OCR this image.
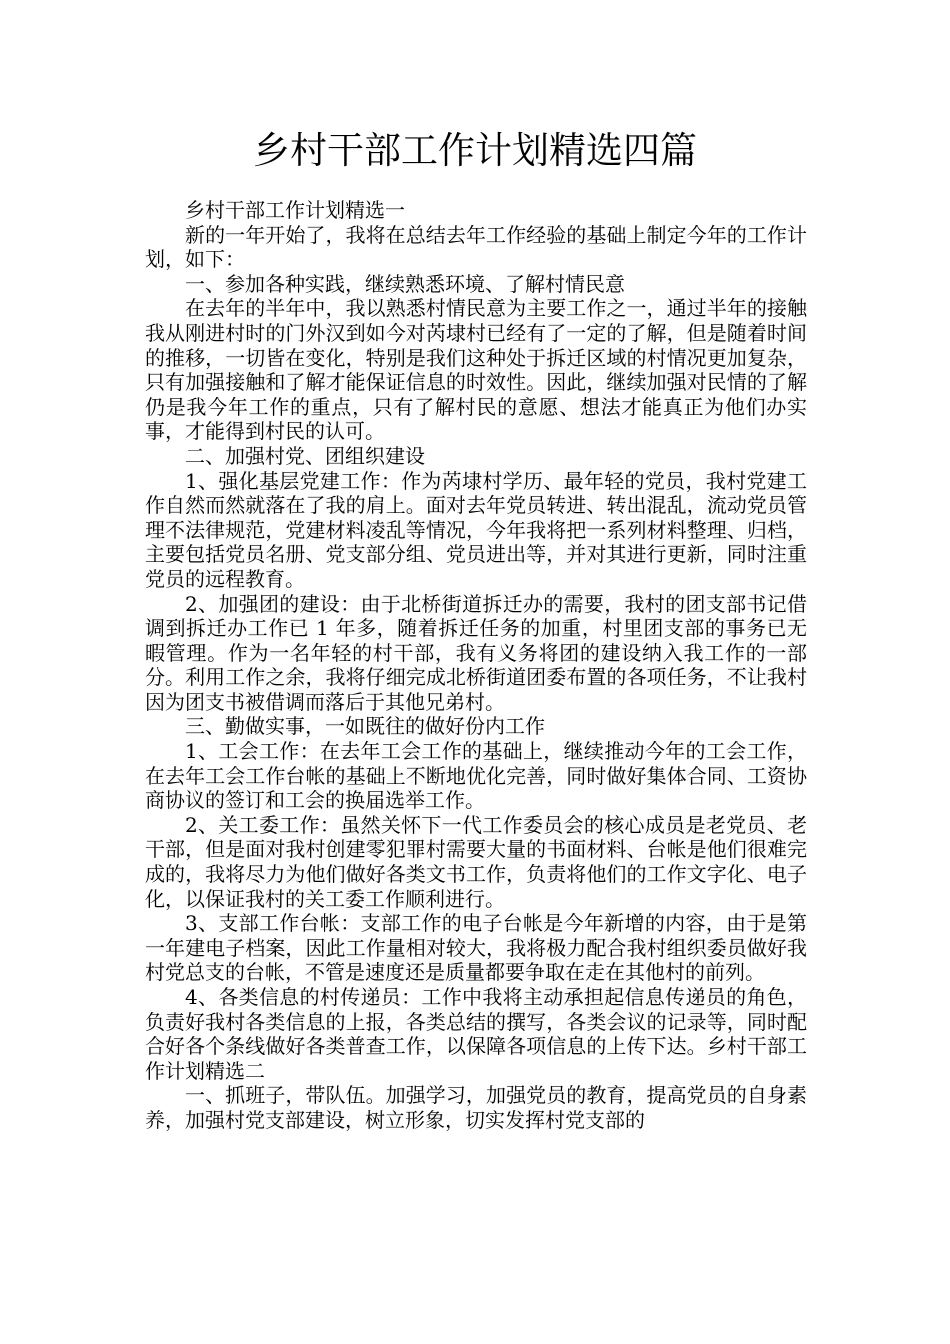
乡村干部工作计划精选四篇

乡村干部工作计划精选一

新的一年开始了，我将在总结去年工作经验的基础上制定今年的工作计划，如下：

一、参加各种实践，继续熟悉环境、了解村情民意

在去年的半年中，我以熟悉村情民意为主要工作之一，通过半年的接触我从刚进村时的门外汉到如今对芮埭村已经有了一定的了解，但是随着时间的推移，一切皆在变化，特别是我们这种处于拆迁区域的村情况更加复杂，只有加强接触和了解才能保证信息的时效性。因此，继续加强对民情的了解仍是我今年工作的重点，只有了解村民的意愿、想法才能真正为他们办实事，才能得到村民的认可。

二、加强村党、团组织建设

1、强化基层党建工作：作为芮埭村学历、最年轻的党员，我村党建工作自然而然就落在了我的肩上。面对去年党员转进、转出混乱，流动党员管理不法律规范，党建材料凌乱等情况，今年我将把一系列材料整理、归档，主要包括党员名册、党支部分组、党员进出等，并对其进行更新，同时注重党员的远程教育。

2、加强团的建设：由于北桥街道拆迁办的需要，我村的团支部书记借调到拆迁办工作已 1 年多，随着拆迁任务的加重，村里团支部的事务已无暇管理。作为一名年轻的村干部，我有义务将团的建设纳入我工作的一部分。利用工作之余，我将仔细完成北桥街道团委布置的各项任务，不让我村因为团支书被借调而落后于其他兄弟村。

三、勤做实事，一如既往的做好份内工作

1、工会工作：在去年工会工作的基础上，继续推动今年的工会工作，在去年工会工作台帐的基础上不断地优化完善，同时做好集体合同、工资协商协议的签订和工会的换届选举工作。

2、关工委工作：虽然关怀下一代工作委员会的核心成员是老党员、老干部，但是面对我村创建零犯罪村需要大量的书面材料、台帐是他们很难完成的，我将尽力为他们做好各类文书工作，负责将他们的工作文字化、电子化，以保证我村的关工委工作顺利进行。

3、支部工作台帐：支部工作的电子台帐是今年新增的内容，由于是第一年建电子档案，因此工作量相对较大，我将极力配合我村组织委员做好我村党总支的台帐，不管是速度还是质量都要争取在走在其他村的前列。

4、各类信息的村传递员：工作中我将主动承担起信息传递员的角色，负责好我村各类信息的上报，各类总结的撰写，各类会议的记录等，同时配合好各个条线做好各类普查工作，以保障各项信息的上传下达。乡村干部工作计划精选二

一、抓班子，带队伍。加强学习，加强党员的教育，提高党员的自身素养，加强村党支部建设，树立形象，切实发挥村党支部的
